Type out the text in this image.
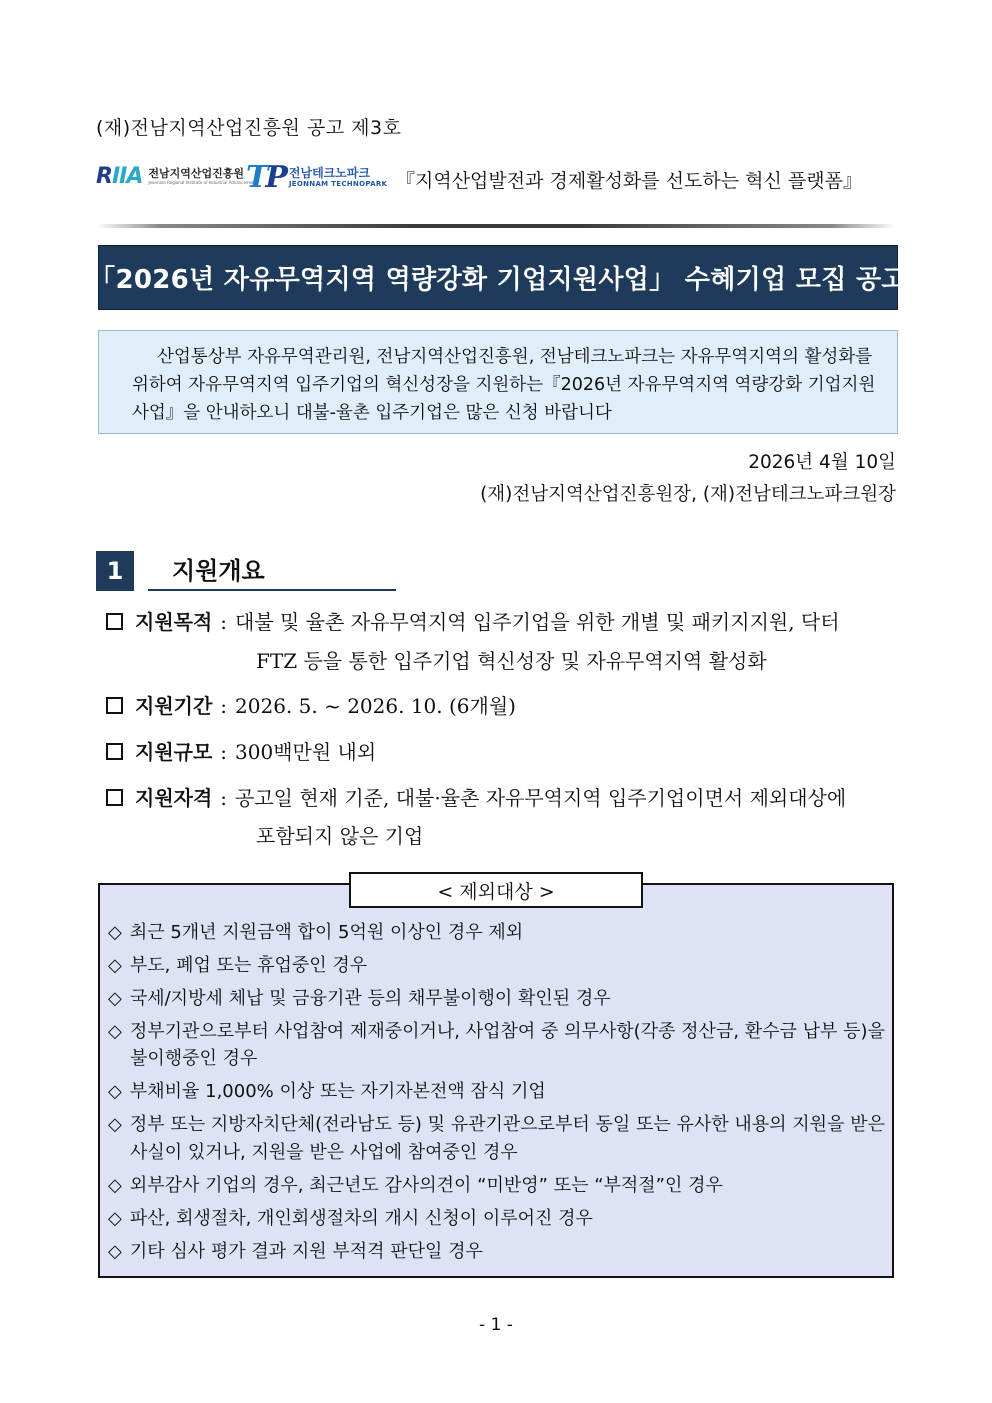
(재)전남지역산업진흥원 공고 제3호
RIIA 전남지역산업진흥원
Jeonnam Regional Institute of Industrial Advancement
TP 전남테크노파크
JEONNAM TECHNOPARK 『지역산업발전과 경제활성화를 선도하는 혁신 플랫폼』
「2026년 자유무역지역 역량강화 기업지원사업」 수혜기업 모집 공고
산업통상부 자유무역관리원, 전남지역산업진흥원, 전남테크노파크는 자유무역지역의 활성화를
위하여 자유무역지역 입주기업의 혁신성장을 지원하는『2026년 자유무역지역 역량강화 기업지원
사업』을 안내하오니 대불-율촌 입주기업은 많은 신청 바랍니다
2026년 4월 10일
(재)전남지역산업진흥원장, (재)전남테크노파크원장
1	지원개요
지원목적 : 대불 및 율촌 자유무역지역 입주기업을 위한 개별 및 패키지지원, 닥터
FTZ 등을 통한 입주기업 혁신성장 및 자유무역지역 활성화
지원기간 : 2026. 5. ~ 2026. 10. (6개월)
지원규모 : 300백만원 내외
지원자격 : 공고일 현재 기준, 대불·율촌 자유무역지역 입주기업이면서 제외대상에
포함되지 않은 기업
< 제외대상 >
◇ 최근 5개년 지원금액 합이 5억원 이상인 경우 제외
◇ 부도, 폐업 또는 휴업중인 경우
◇ 국세/지방세 체납 및 금융기관 등의 채무불이행이 확인된 경우
◇ 정부기관으로부터 사업참여 제재중이거나, 사업참여 중 의무사항(각종 정산금, 환수금 납부 등)을
불이행중인 경우
◇ 부채비율 1,000% 이상 또는 자기자본전액 잠식 기업
◇ 정부 또는 지방자치단체(전라남도 등) 및 유관기관으로부터 동일 또는 유사한 내용의 지원을 받은
사실이 있거나, 지원을 받은 사업에 참여중인 경우
◇ 외부감사 기업의 경우, 최근년도 감사의견이 “미반영” 또는 “부적절”인 경우
◇ 파산, 회생절차, 개인회생절차의 개시 신청이 이루어진 경우
◇ 기타 심사 평가 결과 지원 부적격 판단일 경우
- 1 -
